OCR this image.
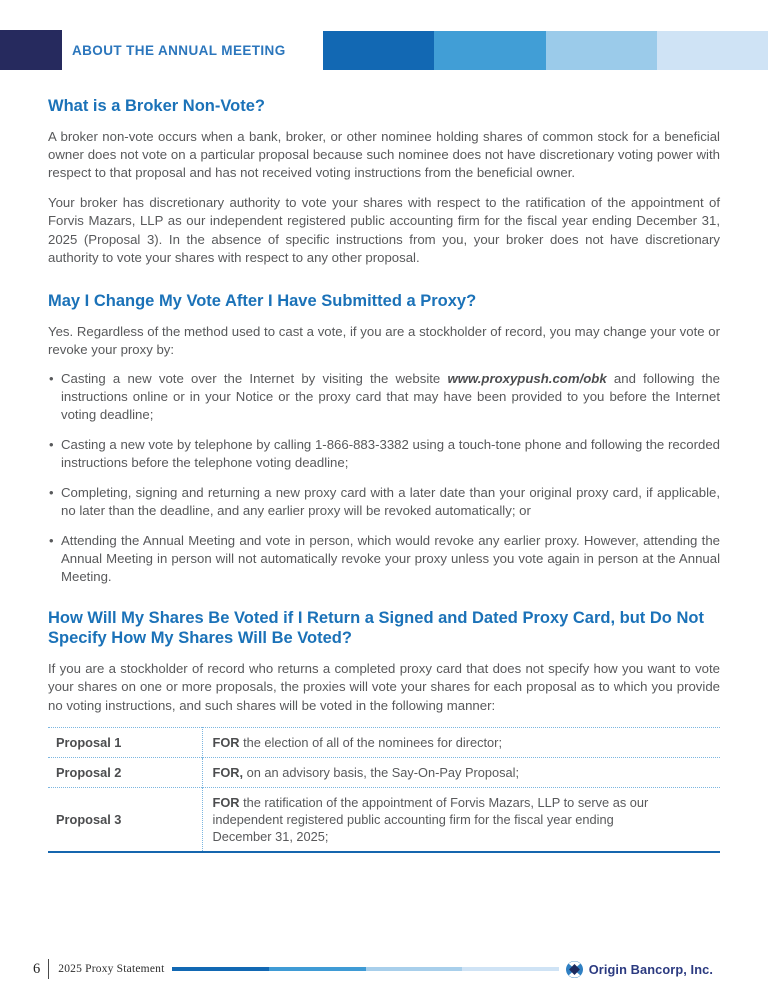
ABOUT THE ANNUAL MEETING
What is a Broker Non-Vote?

A broker non-vote occurs when a bank, broker, or other nominee holding shares of common stock for a beneficial owner does not vote on a particular proposal because such nominee does not have discretionary voting power with respect to that proposal and has not received voting instructions from the beneficial owner.

Your broker has discretionary authority to vote your shares with respect to the ratification of the appointment of Forvis Mazars, LLP as our independent registered public accounting firm for the fiscal year ending December 31, 2025 (Proposal 3). In the absence of specific instructions from you, your broker does not have discretionary authority to vote your shares with respect to any other proposal.

May I Change My Vote After I Have Submitted a Proxy?

Yes. Regardless of the method used to cast a vote, if you are a stockholder of record, you may change your vote or revoke your proxy by:

• Casting a new vote over the Internet by visiting the website www.proxypush.com/obk and following the instructions online or in your Notice or the proxy card that may have been provided to you before the Internet voting deadline;
• Casting a new vote by telephone by calling 1-866-883-3382 using a touch-tone phone and following the recorded instructions before the telephone voting deadline;
• Completing, signing and returning a new proxy card with a later date than your original proxy card, if applicable, no later than the deadline, and any earlier proxy will be revoked automatically; or
• Attending the Annual Meeting and vote in person, which would revoke any earlier proxy. However, attending the Annual Meeting in person will not automatically revoke your proxy unless you vote again in person at the Annual Meeting.
How Will My Shares Be Voted if I Return a Signed and Dated Proxy Card, but Do Not Specify How My Shares Will Be Voted?

If you are a stockholder of record who returns a completed proxy card that does not specify how you want to vote your shares on one or more proposals, the proxies will vote your shares for each proposal as to which you provide no voting instructions, and such shares will be voted in the following manner:

Proposal 1	FOR the election of all of the nominees for director;
Proposal 2	FOR, on an advisory basis, the Say-On-Pay Proposal;
Proposal 3	FOR the ratification of the appointment of Forvis Mazars, LLP to serve as our independent registered public accounting firm for the fiscal year ending December 31, 2025;
6 2025 Proxy Statement	Origin Bancorp, Inc.
